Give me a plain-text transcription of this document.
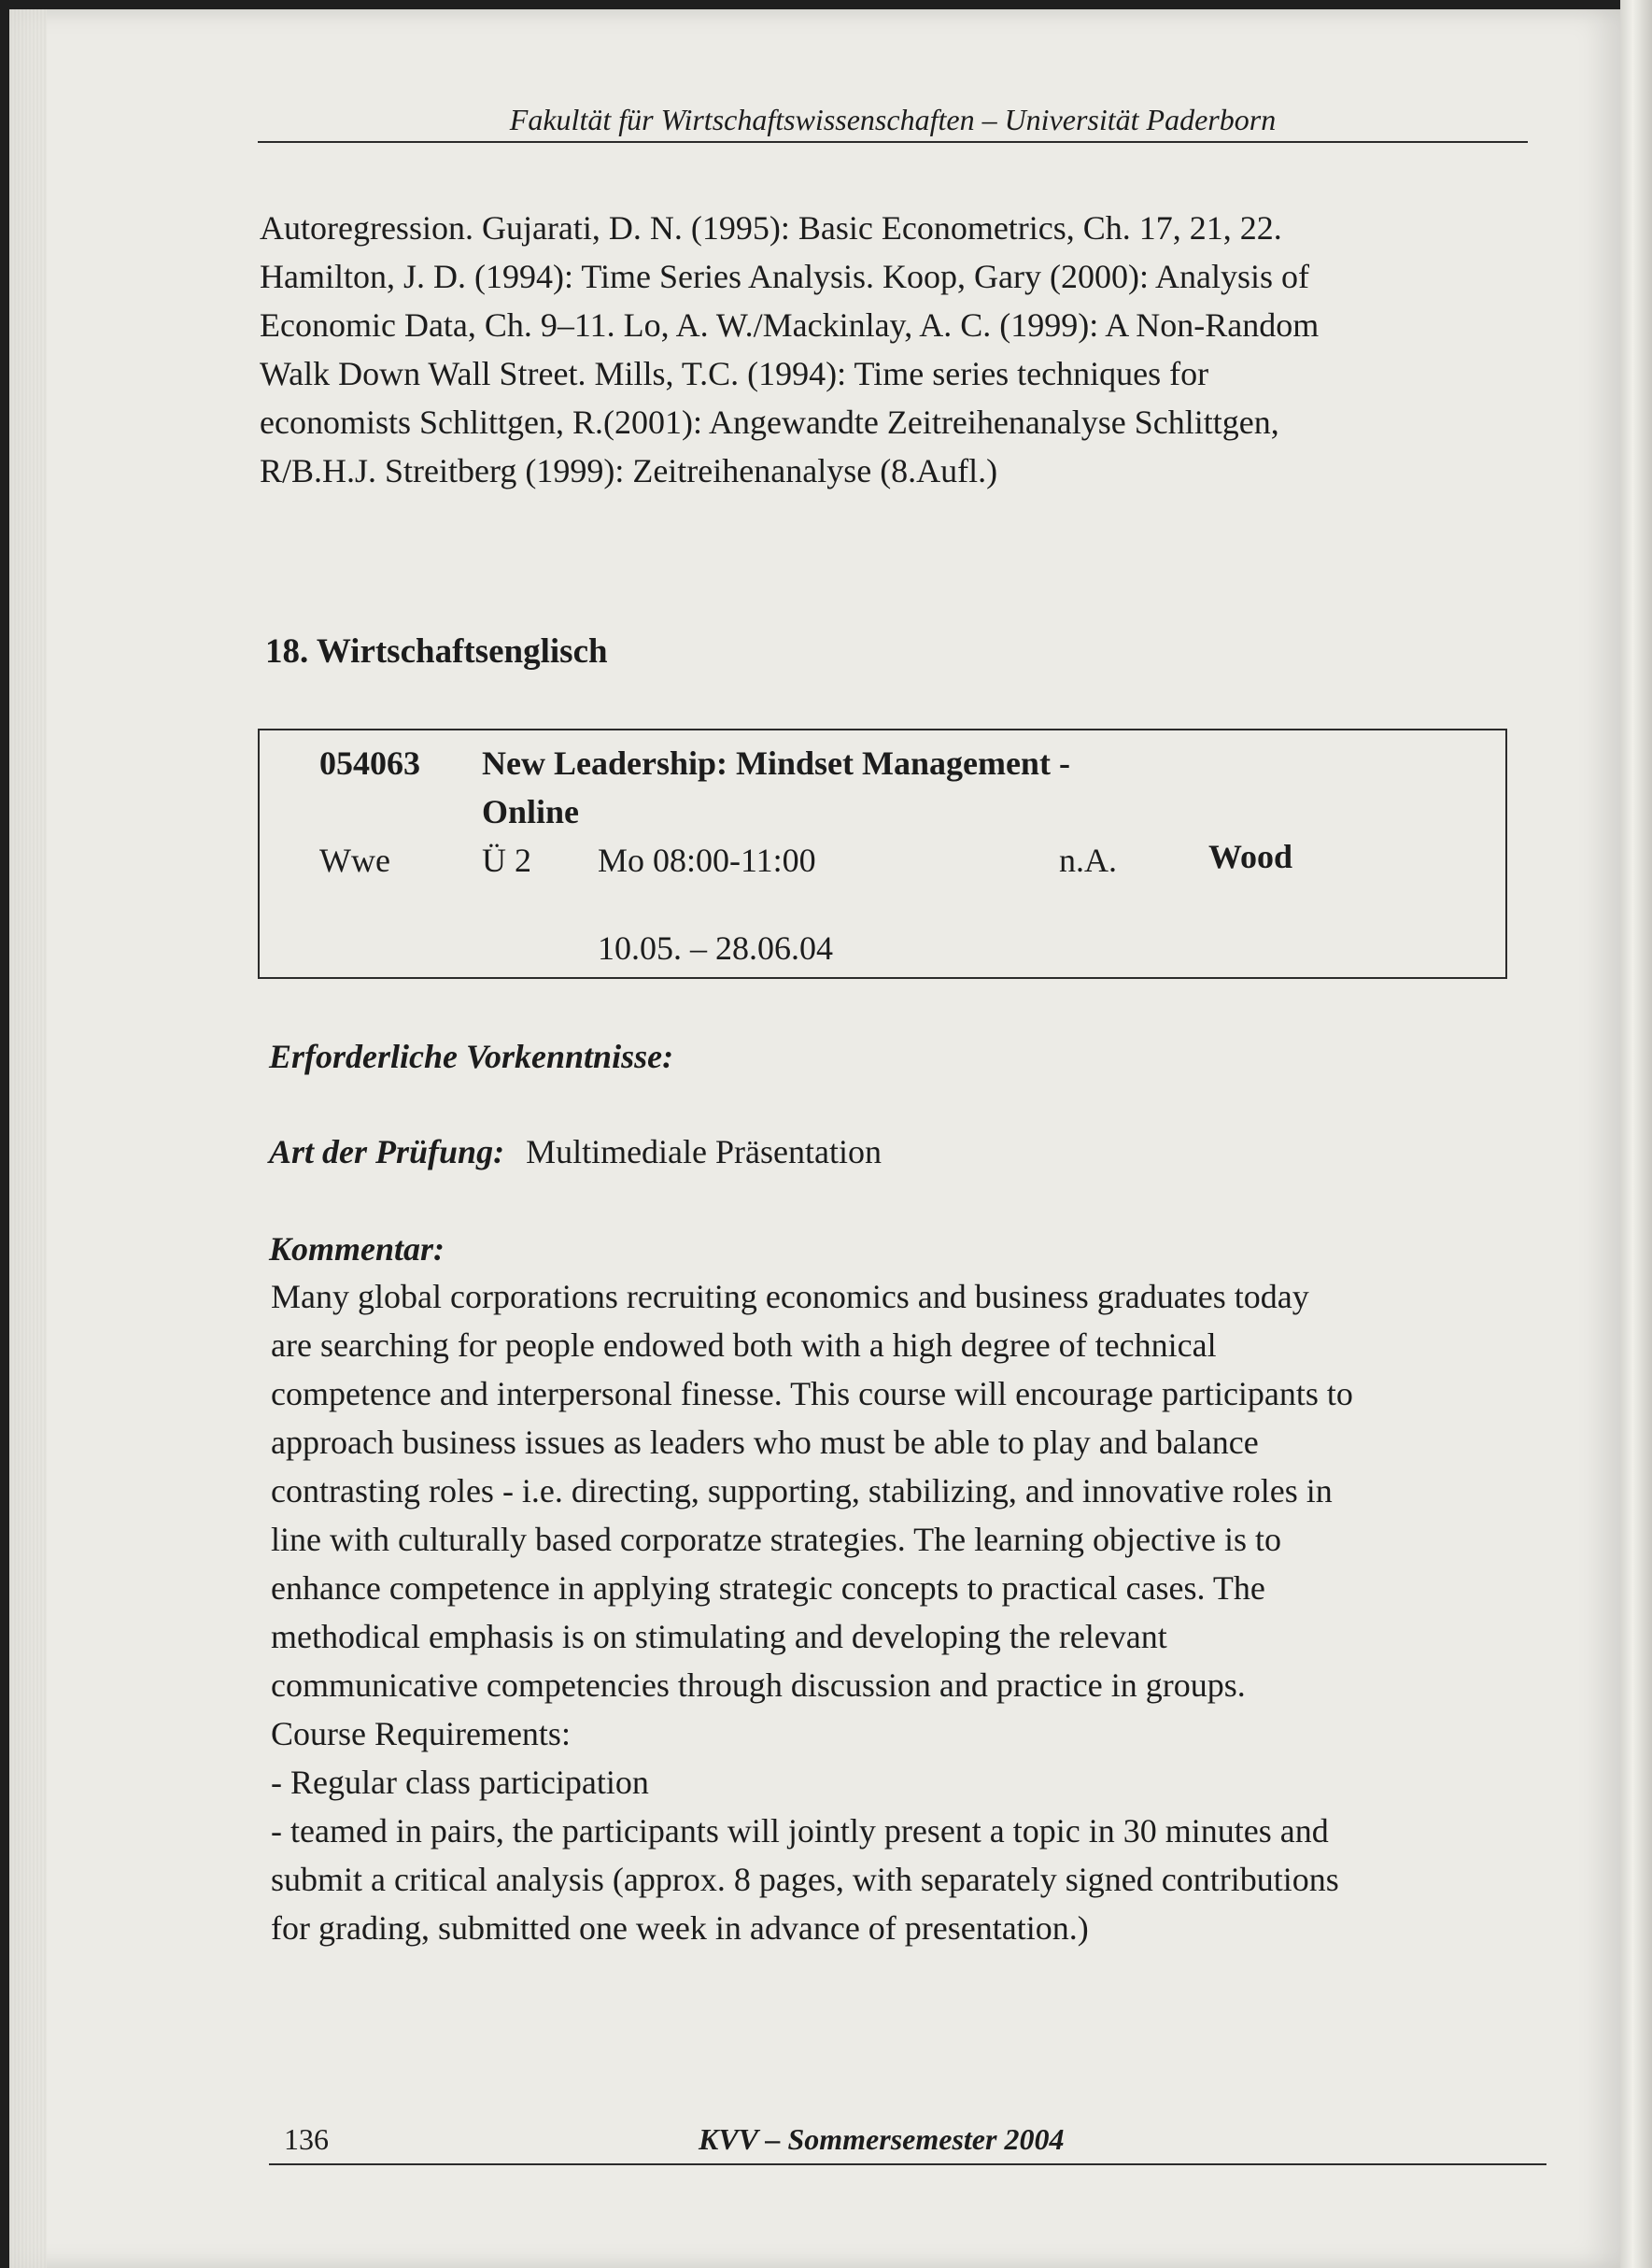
Fakultät für Wirtschaftswissenschaften – Universität Paderborn

Autoregression. Gujarati, D. N. (1995): Basic Econometrics, Ch. 17, 21, 22.

Hamilton, J. D. (1994): Time Series Analysis. Koop, Gary (2000): Analysis of

Economic Data, Ch. 9–11. Lo, A. W./Mackinlay, A. C. (1999): A Non-Random

Walk Down Wall Street. Mills, T.C. (1994): Time series techniques for

economists Schlittgen, R.(2001): Angewandte Zeitreihenanalyse Schlittgen,

R/B.H.J. Streitberg (1999): Zeitreihenanalyse (8.Aufl.)

18. Wirtschaftsenglisch
054063 New Leadership: Mindset Management -
Online
Wwe	Ü 2 Mo 08:00-11:00	n.A.	Wood
10.05. – 28.06.04
Erforderliche Vorkenntnisse:
Art der Prüfung: Multimediale Präsentation
Kommentar:

Many global corporations recruiting economics and business graduates today

are searching for people endowed both with a high degree of technical

competence and interpersonal finesse. This course will encourage participants to

approach business issues as leaders who must be able to play and balance

contrasting roles - i.e. directing, supporting, stabilizing, and innovative roles in

line with culturally based corporatze strategies. The learning objective is to

enhance competence in applying strategic concepts to practical cases. The

methodical emphasis is on stimulating and developing the relevant

communicative competencies through discussion and practice in groups.

Course Requirements:

- Regular class participation

- teamed in pairs, the participants will jointly present a topic in 30 minutes and

submit a critical analysis (approx. 8 pages, with separately signed contributions

for grading, submitted one week in advance of presentation.)

136	KVV – Sommersemester 2004
